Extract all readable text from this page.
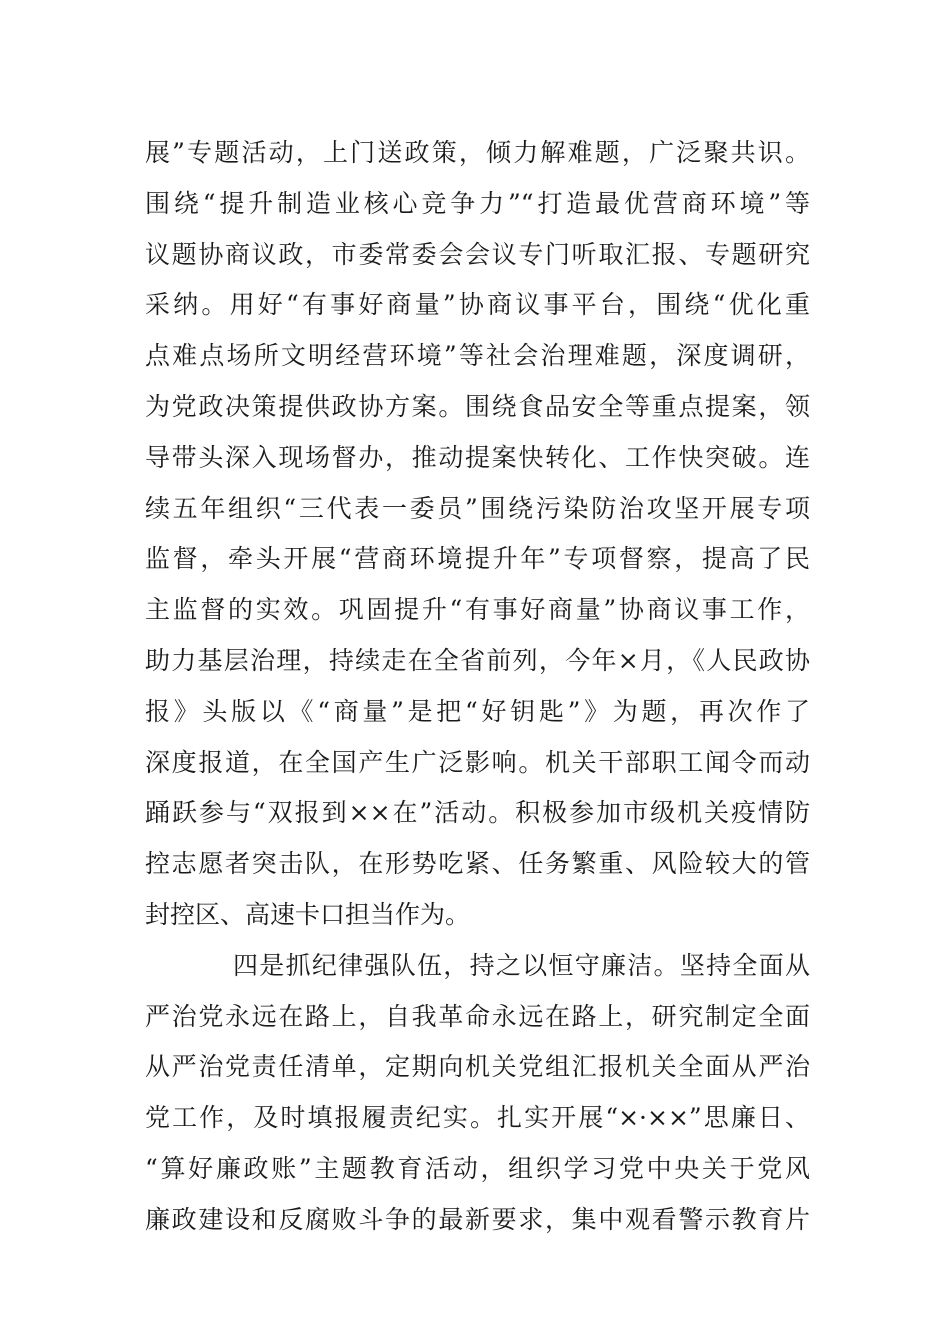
展”专题活动，上门送政策，倾力解难题，广泛聚共识。
围绕“提升制造业核心竞争力”“打造最优营商环境”等
议题协商议政，市委常委会会议专门听取汇报、专题研究
采纳。用好“有事好商量”协商议事平台，围绕“优化重
点难点场所文明经营环境”等社会治理难题，深度调研，
为党政决策提供政协方案。围绕食品安全等重点提案，领
导带头深入现场督办，推动提案快转化、工作快突破。连
续五年组织“三代表一委员”围绕污染防治攻坚开展专项
监督，牵头开展“营商环境提升年”专项督察，提高了民
主监督的实效。巩固提升“有事好商量”协商议事工作，
助力基层治理，持续走在全省前列，今年×月，《人民政协
报》头版以《“商量”是把“好钥匙”》为题，再次作了
深度报道，在全国产生广泛影响。机关干部职工闻令而动
踊跃参与“双报到××在”活动。积极参加市级机关疫情防
控志愿者突击队，在形势吃紧、任务繁重、风险较大的管
封控区、高速卡口担当作为。
四是抓纪律强队伍，持之以恒守廉洁。坚持全面从
严治党永远在路上，自我革命永远在路上，研究制定全面
从严治党责任清单，定期向机关党组汇报机关全面从严治
党工作，及时填报履责纪实。扎实开展“×·××”思廉日、
“算好廉政账”主题教育活动，组织学习党中央关于党风
廉政建设和反腐败斗争的最新要求，集中观看警示教育片
